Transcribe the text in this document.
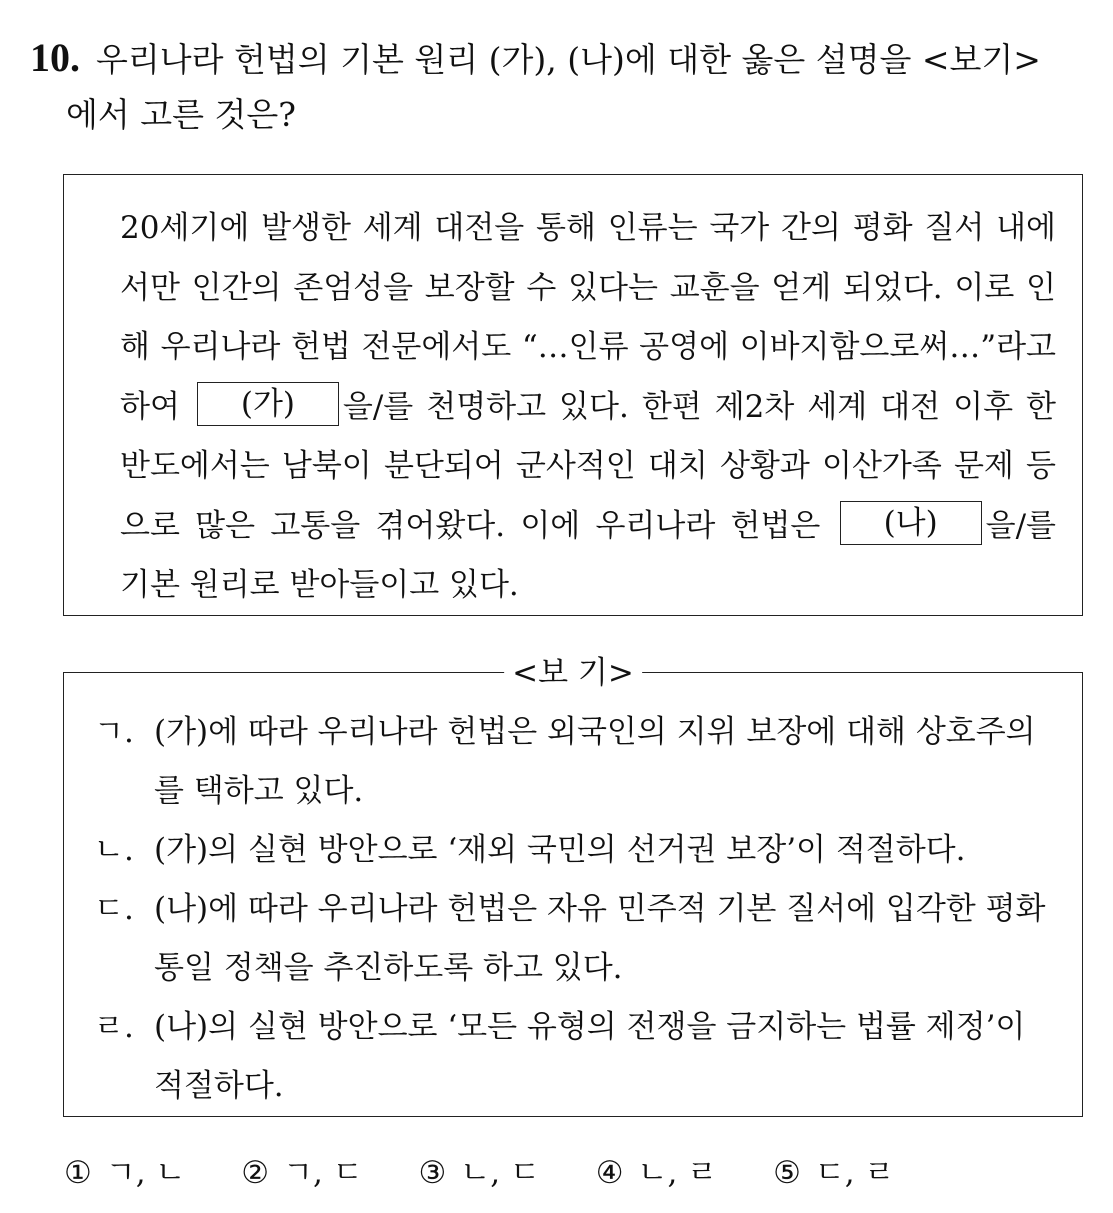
10. 우리나라 헌법의 기본 원리 (가), (나)에 대한 옳은 설명을 <보기>
에서 고른 것은?
20세기에 발생한 세계 대전을 통해 인류는 국가 간의 평화 질서 내에서만 인간의 존엄성을 보장할 수 있다는 교훈을 얻게 되었다. 이로 인해 우리나라 헌법 전문에서도 “…인류 공영에 이바지함으로써…”라고 하여 (가) 을/를 천명하고 있다. 한편 제2차 세계 대전 이후 한반도에서는 남북이 분단되어 군사적인 대치 상황과 이산가족 문제 등으로 많은 고통을 겪어왔다. 이에 우리나라 헌법은 (나) 을/를 기본 원리로 받아들이고 있다.
<보 기>
ㄱ. (가)에 따라 우리나라 헌법은 외국인의 지위 보장에 대해 상호주의를 택하고 있다.
ㄴ. (가)의 실현 방안으로 ‘재외 국민의 선거권 보장’이 적절하다.
ㄷ. (나)에 따라 우리나라 헌법은 자유 민주적 기본 질서에 입각한 평화 통일 정책을 추진하도록 하고 있다.
ㄹ. (나)의 실현 방안으로 ‘모든 유형의 전쟁을 금지하는 법률 제정’이 적절하다.
① ㄱ, ㄴ ② ㄱ, ㄷ ③ ㄴ, ㄷ ④ ㄴ, ㄹ ⑤ ㄷ, ㄹ
